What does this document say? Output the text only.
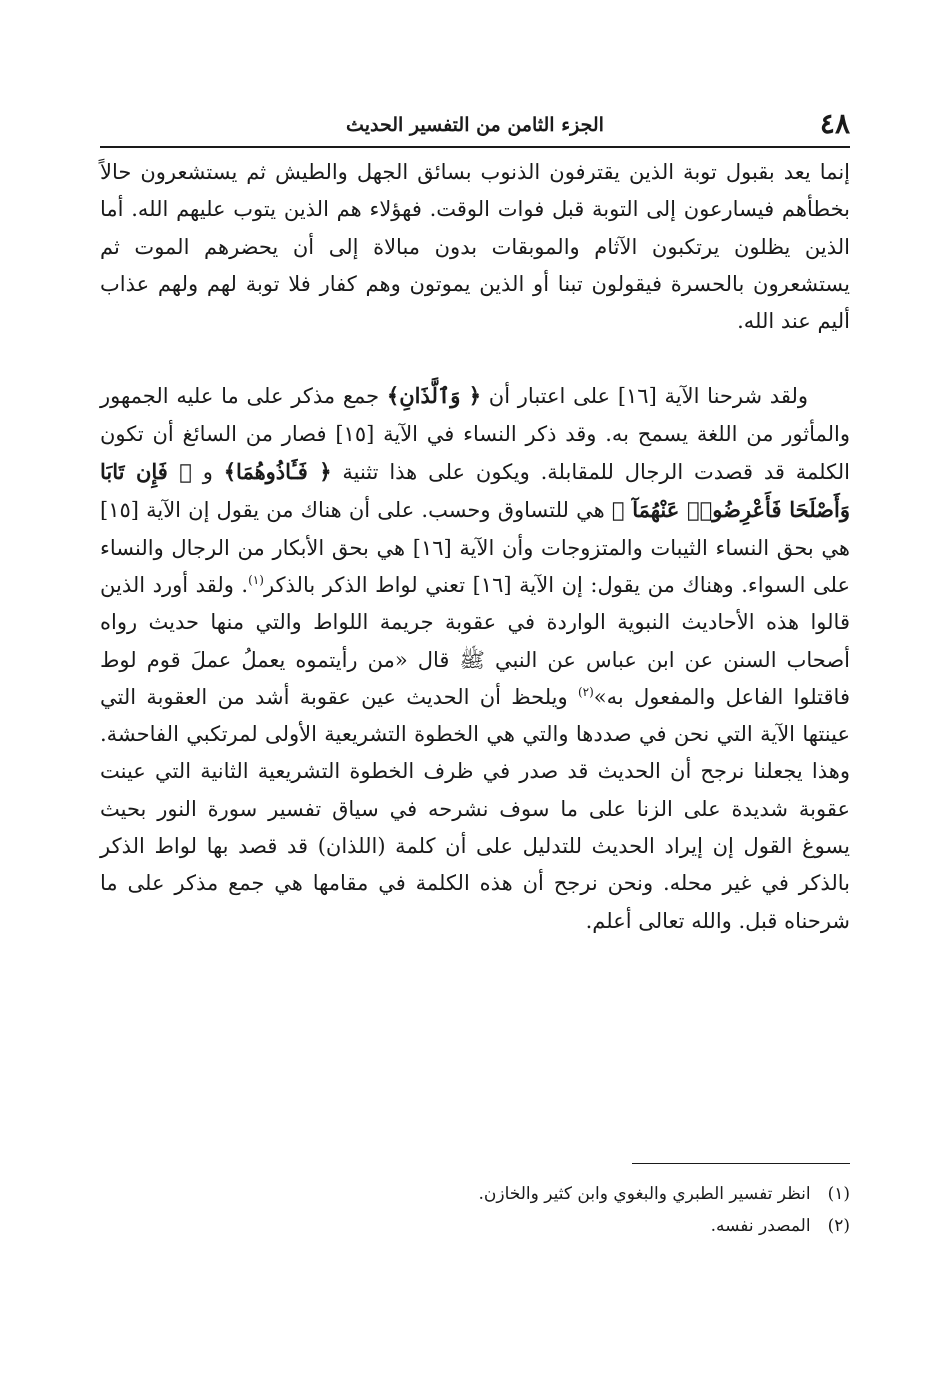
٤٨
الجزء الثامن من التفسير الحديث

إنما يعد بقبول توبة الذين يقترفون الذنوب بسائق الجهل والطيش ثم يستشعرون حالاً بخطأهم فيسارعون إلى التوبة قبل فوات الوقت. فهؤلاء هم الذين يتوب عليهم الله. أما الذين يظلون يرتكبون الآثام والموبقات بدون مبالاة إلى أن يحضرهم الموت ثم يستشعرون بالحسرة فيقولون تبنا أو الذين يموتون وهم كفار فلا توبة لهم ولهم عذاب أليم عند الله.

ولقد شرحنا الآية [١٦] على اعتبار أن ﴿ وَٱلَّذَانِ﴾ جمع مذكر على ما عليه الجمهور والمأثور من اللغة يسمح به. وقد ذكر النساء في الآية [١٥] فصار من السائغ أن تكون الكلمة قد قصدت الرجال للمقابلة. ويكون على هذا تثنية ﴿ فَـَٔاذُوهُمَا﴾ و ﴿ فَإِن تَابَا وَأَصْلَحَا فَأَعْرِضُوا۟ عَنْهُمَآ ﴾ هي للتساوق وحسب. على أن هناك من يقول إن الآية [١٥] هي بحق النساء الثيبات والمتزوجات وأن الآية [١٦] هي بحق الأبكار من الرجال والنساء على السواء. وهناك من يقول: إن الآية [١٦] تعني لواط الذكر بالذكر$^{(١)}$. ولقد أورد الذين قالوا هذه الأحاديث النبوية الواردة في عقوبة جريمة اللواط والتي منها حديث رواه أصحاب السنن عن ابن عباس عن النبي ﷺ قال «من رأيتموه يعملُ عملَ قوم لوط فاقتلوا الفاعل والمفعول به»$^{(٢)}$ ويلحظ أن الحديث عين عقوبة أشد من العقوبة التي عينتها الآية التي نحن في صددها والتي هي الخطوة التشريعية الأولى لمرتكبي الفاحشة. وهذا يجعلنا نرجح أن الحديث قد صدر في ظرف الخطوة التشريعية الثانية التي عينت عقوبة شديدة على الزنا على ما سوف نشرحه في سياق تفسير سورة النور بحيث يسوغ القول إن إيراد الحديث للتدليل على أن كلمة (اللذان) قد قصد بها لواط الذكر بالذكر في غير محله. ونحن نرجح أن هذه الكلمة في مقامها هي جمع مذكر على ما شرحناه قبل. والله تعالى أعلم.

(١) انظر تفسير الطبري والبغوي وابن كثير والخازن.
(٢) المصدر نفسه.
